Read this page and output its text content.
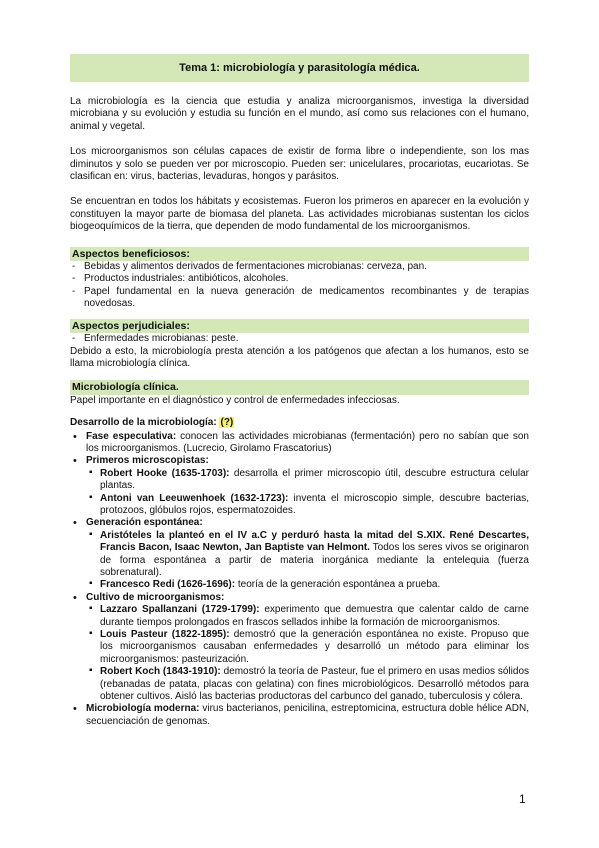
Tema 1: microbiología y parasitología médica.

La microbiología es la ciencia que estudia y analiza microorganismos, investiga la diversidad microbiana y su evolución y estudia su función en el mundo, así como sus relaciones con el humano, animal y vegetal.

Los microorganismos son células capaces de existir de forma libre o independiente, son los mas diminutos y solo se pueden ver por microscopio. Pueden ser: unicelulares, procariotas, eucariotas. Se clasifican en: virus, bacterias, levaduras, hongos y parásitos.

Se encuentran en todos los hábitats y ecosistemas. Fueron los primeros en aparecer en la evolución y constituyen la mayor parte de biomasa del planeta. Las actividades microbianas sustentan los ciclos biogeoquímicos de la tierra, que dependen de modo fundamental de los microorganismos.

Aspectos beneficiosos:
- Bebidas y alimentos derivados de fermentaciones microbianas: cerveza, pan.
- Productos industriales: antibióticos, alcoholes.
- Papel fundamental en la nueva generación de medicamentos recombinantes y de terapias novedosas.
Aspectos perjudiciales:
- Enfermedades microbianas: peste.
Debido a esto, la microbiología presta atención a los patógenos que afectan a los humanos, esto se llama microbiología clínica.
Microbiología clínica.
Papel importante en el diagnóstico y control de enfermedades infecciosas.
Desarrollo de la microbiología: (?)
• Fase especulativa: conocen las actividades microbianas (fermentación) pero no sabían que son los microorganismos. (Lucrecio, Girolamo Frascatorius)
• Primeros microscopistas:
▪ Robert Hooke (1635-1703): desarrolla el primer microscopio útil, descubre estructura celular plantas.
▪ Antoni van Leeuwenhoek (1632-1723): inventa el microscopio simple, descubre bacterias, protozoos, glóbulos rojos, espermatozoides.
• Generación espontánea:
▪ Aristóteles la planteó en el IV a.C y perduró hasta la mitad del S.XIX. René Descartes, Francis Bacon, Isaac Newton, Jan Baptiste van Helmont. Todos los seres vivos se originaron de forma espontánea a partir de materia inorgánica mediante la entelequia (fuerza sobrenatural).
▪ Francesco Redi (1626-1696): teoría de la generación espontánea a prueba.
• Cultivo de microorganismos:
▪ Lazzaro Spallanzani (1729-1799): experimento que demuestra que calentar caldo de carne durante tiempos prolongados en frascos sellados inhibe la formación de microorganismos.
▪ Louis Pasteur (1822-1895): demostró que la generación espontánea no existe. Propuso que los microorganismos causaban enfermedades y desarrolló un método para eliminar los microorganismos: pasteurización.
▪ Robert Koch (1843-1910): demostró la teoría de Pasteur, fue el primero en usas medios sólidos (rebanadas de patata, placas con gelatina) con fines microbiológicos. Desarrolló métodos para obtener cultivos. Aisló las bacterias productoras del carbunco del ganado, tuberculosis y cólera.
• Microbiología moderna: virus bacterianos, penicilina, estreptomicina, estructura doble hélice ADN, secuenciación de genomas.
1
